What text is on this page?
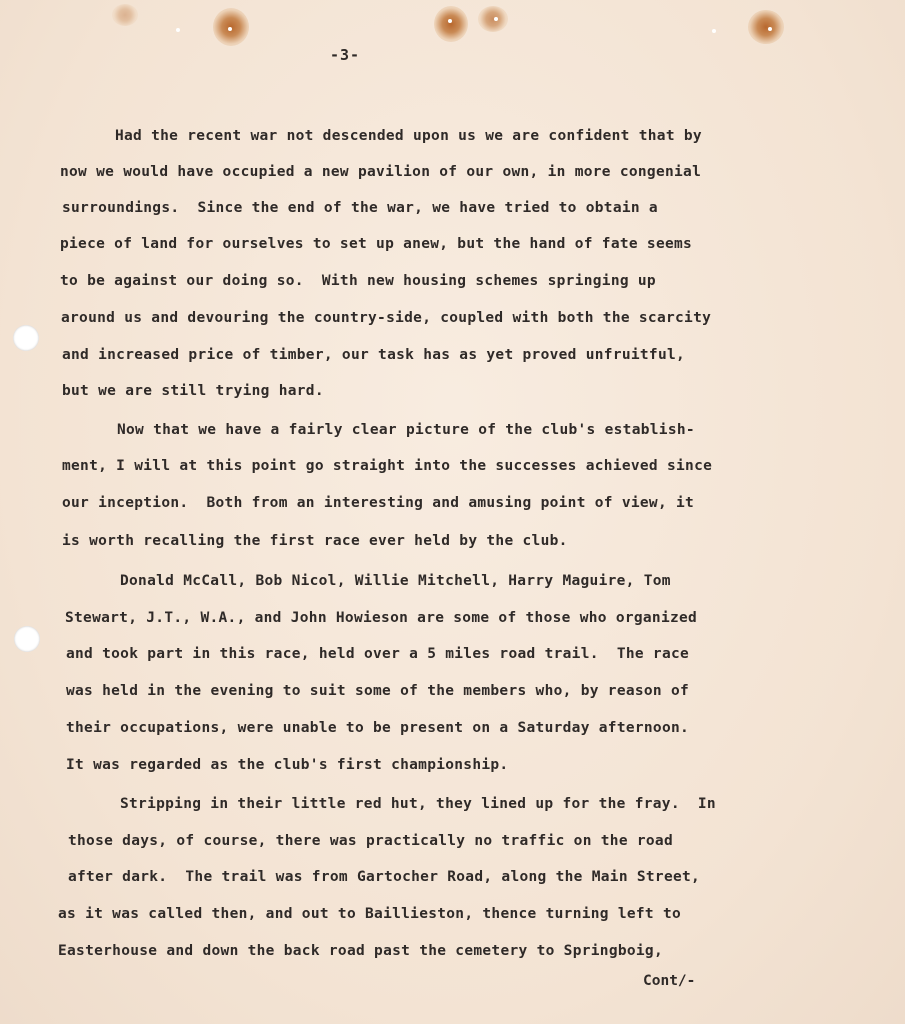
-3-
Had the recent war not descended upon us we are confident that by
now we would have occupied a new pavilion of our own, in more congenial
surroundings.  Since the end of the war, we have tried to obtain a
piece of land for ourselves to set up anew, but the hand of fate seems
to be against our doing so.  With new housing schemes springing up
around us and devouring the country-side, coupled with both the scarcity
and increased price of timber, our task has as yet proved unfruitful,
but we are still trying hard.
Now that we have a fairly clear picture of the club's establish-
ment, I will at this point go straight into the successes achieved since
our inception.  Both from an interesting and amusing point of view, it
is worth recalling the first race ever held by the club.
Donald McCall, Bob Nicol, Willie Mitchell, Harry Maguire, Tom
Stewart, J.T., W.A., and John Howieson are some of those who organized
and took part in this race, held over a 5 miles road trail.  The race
was held in the evening to suit some of the members who, by reason of
their occupations, were unable to be present on a Saturday afternoon.
It was regarded as the club's first championship.
Stripping in their little red hut, they lined up for the fray.  In
those days, of course, there was practically no traffic on the road
after dark.  The trail was from Gartocher Road, along the Main Street,
as it was called then, and out to Baillieston, thence turning left to
Easterhouse and down the back road past the cemetery to Springboig,
Cont/-
